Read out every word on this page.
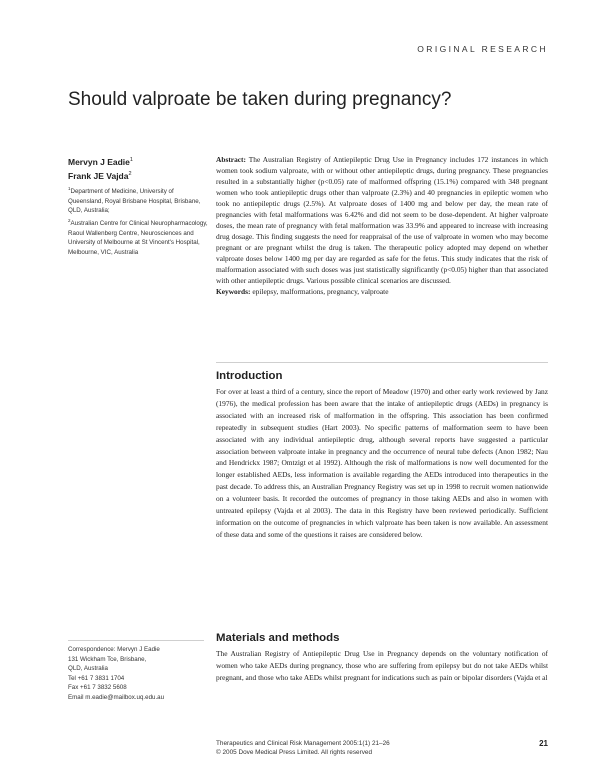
ORIGINAL RESEARCH
Should valproate be taken during pregnancy?
Mervyn J Eadie$^1$
Frank JE Vajda$^2$
$^1$Department of Medicine, University of Queensland, Royal Brisbane Hospital, Brisbane, QLD, Australia;
$^2$Australian Centre for Clinical Neuropharmacology, Raoul Wallenberg Centre, Neurosciences and University of Melbourne at St Vincent's Hospital, Melbourne, VIC, Australia
Abstract: The Australian Registry of Antiepileptic Drug Use in Pregnancy includes 172 instances in which women took sodium valproate, with or without other antiepileptic drugs, during pregnancy. These pregnancies resulted in a substantially higher (p<0.05) rate of malformed offspring (15.1%) compared with 348 pregnant women who took antiepileptic drugs other than valproate (2.3%) and 40 pregnancies in epileptic women who took no antiepileptic drugs (2.5%). At valproate doses of 1400 mg and below per day, the mean rate of pregnancies with fetal malformations was 6.42% and did not seem to be dose-dependent. At higher valproate doses, the mean rate of pregnancy with fetal malformation was 33.9% and appeared to increase with increasing drug dosage. This finding suggests the need for reappraisal of the use of valproate in women who may become pregnant or are pregnant whilst the drug is taken. The therapeutic policy adopted may depend on whether valproate doses below 1400 mg per day are regarded as safe for the fetus. This study indicates that the risk of malformation associated with such doses was just statistically significantly (p<0.05) higher than that associated with other antiepileptic drugs. Various possible clinical scenarios are discussed.
Keywords: epilepsy, malformations, pregnancy, valproate
Introduction
For over at least a third of a century, since the report of Meadow (1970) and other early work reviewed by Janz (1976), the medical profession has been aware that the intake of antiepileptic drugs (AEDs) in pregnancy is associated with an increased risk of malformation in the offspring. This association has been confirmed repeatedly in subsequent studies (Hart 2003). No specific patterns of malformation seem to have been associated with any individual antiepileptic drug, although several reports have suggested a particular association between valproate intake in pregnancy and the occurrence of neural tube defects (Anon 1982; Nau and Hendrickx 1987; Omtzigt et al 1992). Although the risk of malformations is now well documented for the longer established AEDs, less information is available regarding the AEDs introduced into therapeutics in the past decade. To address this, an Australian Pregnancy Registry was set up in 1998 to recruit women nationwide on a volunteer basis. It recorded the outcomes of pregnancy in those taking AEDs and also in women with untreated epilepsy (Vajda et al 2003). The data in this Registry have been reviewed periodically. Sufficient information on the outcome of pregnancies in which valproate has been taken is now available. An assessment of these data and some of the questions it raises are considered below.
Materials and methods
The Australian Registry of Antiepileptic Drug Use in Pregnancy depends on the voluntary notification of women who take AEDs during pregnancy, those who are suffering from epilepsy but do not take AEDs whilst pregnant, and those who take AEDs whilst pregnant for indications such as pain or bipolar disorders (Vajda et al
Correspondence: Mervyn J Eadie
131 Wickham Tce, Brisbane,
QLD, Australia
Tel +61 7 3831 1704
Fax +61 7 3832 5608
Email m.eadie@mailbox.uq.edu.au
Therapeutics and Clinical Risk Management 2005:1(1) 21–26
© 2005 Dove Medical Press Limited. All rights reserved
21
